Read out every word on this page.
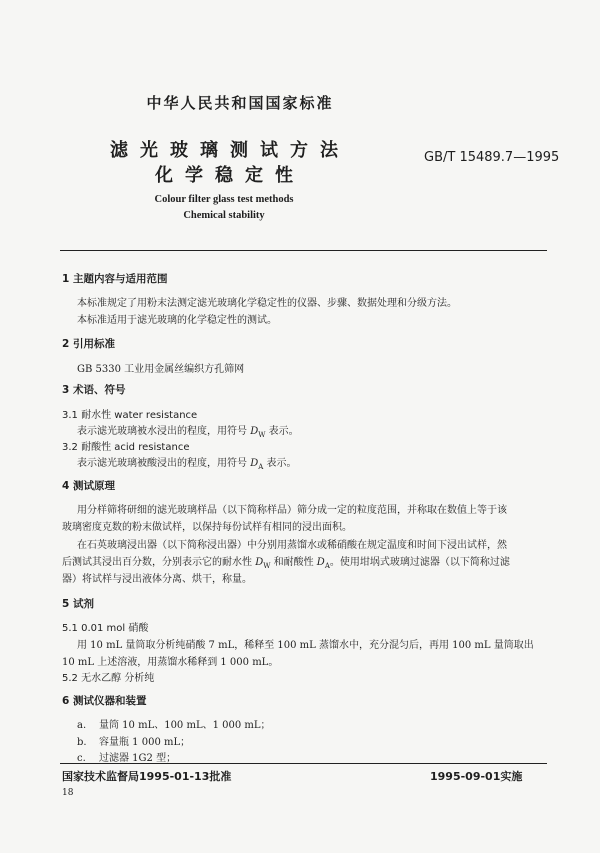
中华人民共和国国家标准
滤光玻璃测试方法
化学稳定性
GB/T 15489.7—1995
Colour filter glass test methods
Chemical stability
1 主题内容与适用范围
本标准规定了用粉末法测定滤光玻璃化学稳定性的仪器、步骤、数据处理和分级方法。
本标准适用于滤光玻璃的化学稳定性的测试。
2 引用标准
GB 5330 工业用金属丝编织方孔筛网
3 术语、符号
3.1 耐水性 water resistance
表示滤光玻璃被水浸出的程度，用符号 $D_W$ 表示。
3.2 耐酸性 acid resistance
表示滤光玻璃被酸浸出的程度，用符号 $D_A$ 表示。
4 测试原理
用分样筛将研细的滤光玻璃样品（以下简称样品）筛分成一定的粒度范围，并称取在数值上等于该
玻璃密度克数的粉末做试样，以保持每份试样有相同的浸出面积。
在石英玻璃浸出器（以下简称浸出器）中分别用蒸馏水或稀硝酸在规定温度和时间下浸出试样，然
后测试其浸出百分数，分别表示它的耐水性 $D_W$ 和耐酸性 $D_A$。使用坩埚式玻璃过滤器（以下简称过滤
器）将试样与浸出液体分离、烘干，称量。
5 试剂
5.1 0.01 mol 硝酸
用 10 mL 量筒取分析纯硝酸 7 mL，稀释至 100 mL 蒸馏水中，充分混匀后，再用 100 mL 量筒取出
10 mL 上述溶液，用蒸馏水稀释到 1 000 mL。
5.2 无水乙醇 分析纯
6 测试仪器和装置
a. 量筒 10 mL、100 mL、1 000 mL；
b. 容量瓶 1 000 mL；
c. 过滤器 1G2 型；
国家技术监督局1995-01-13批准	1995-09-01实施
18
